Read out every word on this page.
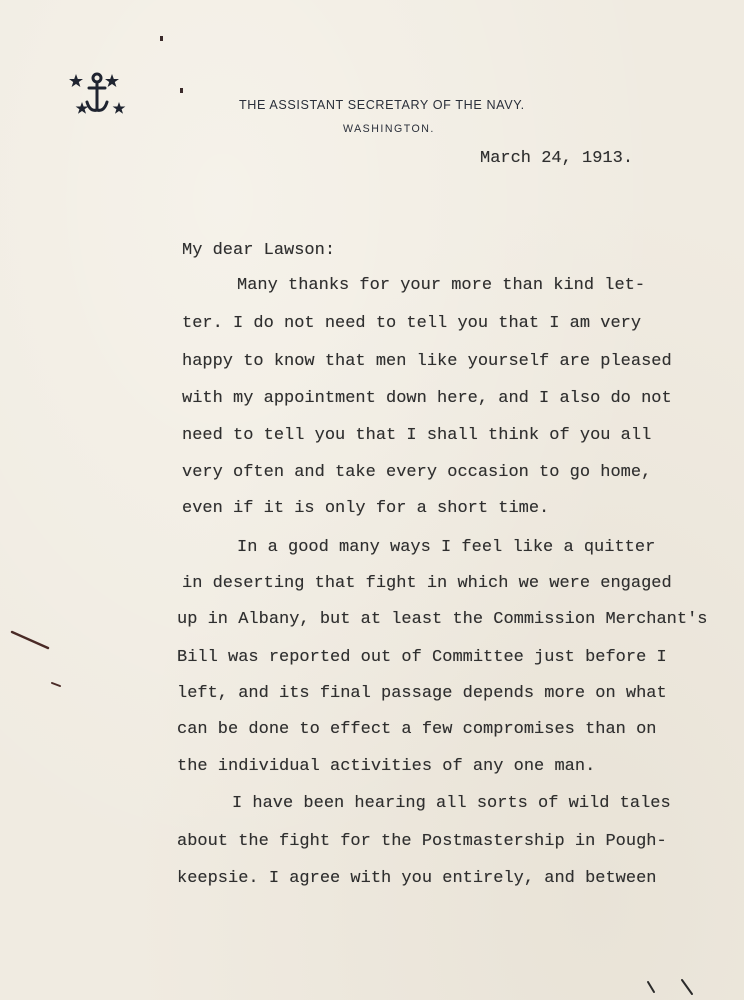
THE ASSISTANT SECRETARY OF THE NAVY.
WASHINGTON.
March 24, 1913.
My dear Lawson:
Many thanks for your more than kind let-
ter. I do not need to tell you that I am very
happy to know that men like yourself are pleased
with my appointment down here, and I also do not
need to tell you that I shall think of you all
very often and take every occasion to go home,
even if it is only for a short time.
In a good many ways I feel like a quitter
in deserting that fight in which we were engaged
up in Albany, but at least the Commission Merchant's
Bill was reported out of Committee just before I
left, and its final passage depends more on what
can be done to effect a few compromises than on
the individual activities of any one man.
I have been hearing all sorts of wild tales
about the fight for the Postmastership in Pough-
keepsie. I agree with you entirely, and between
